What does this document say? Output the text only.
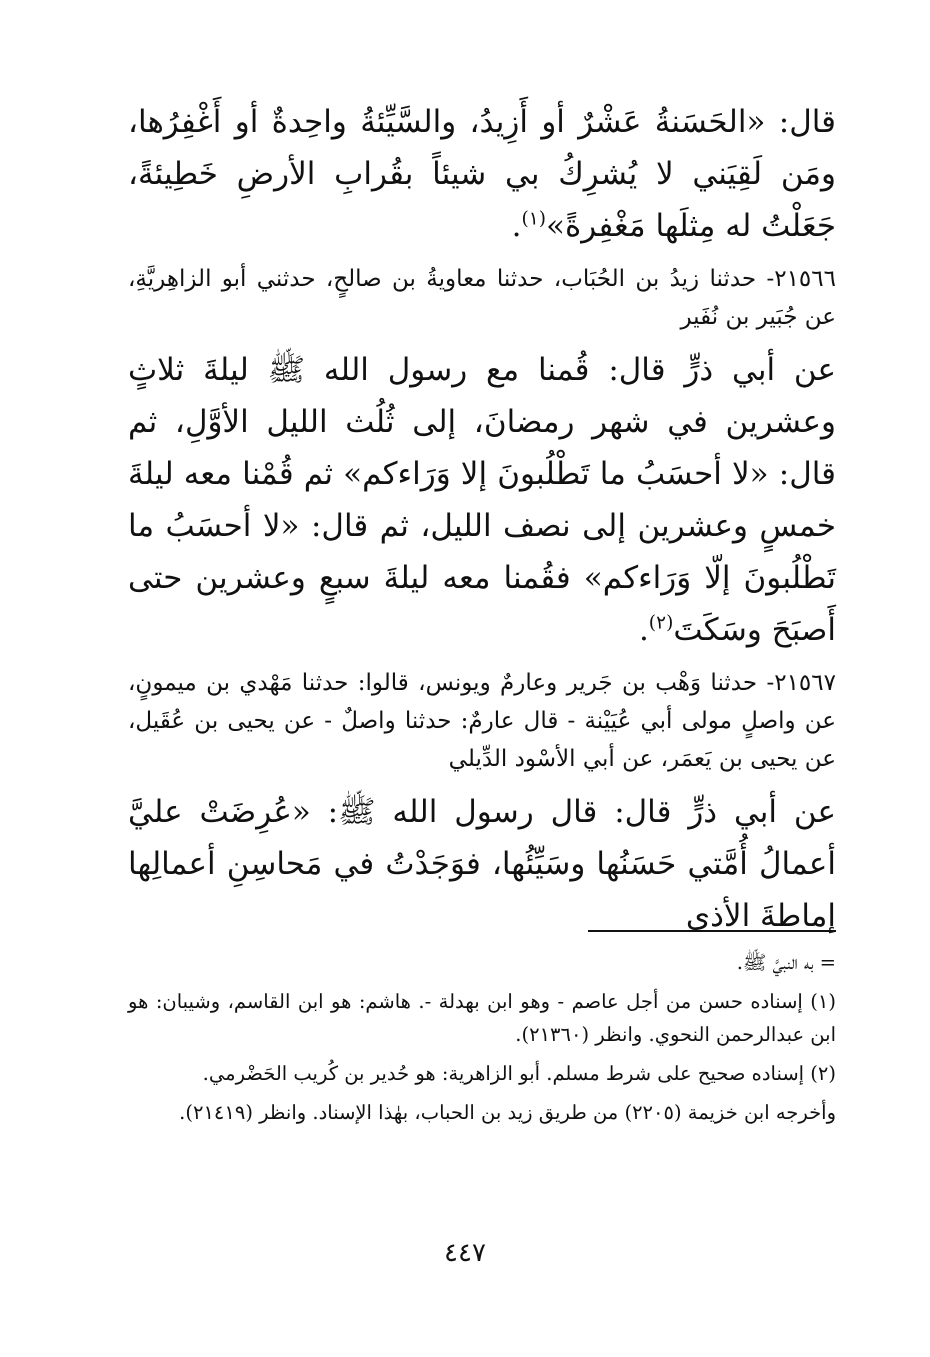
قال: «الحَسَنةُ عَشْرٌ أو أَزِيدُ، والسَّيِّئةُ واحِدةٌ أو أَغْفِرُها، ومَن لَقِيَني لا يُشرِكُ بي شيئاً بقُرابِ الأرضِ خَطِيئةً، جَعَلْتُ له مِثلَها مَغْفِرةً»$^{(١)}$.

٢١٥٦٦- حدثنا زيدُ بن الحُبَاب، حدثنا معاويةُ بن صالحٍ، حدثني أبو الزاهِريَّةِ، عن جُبَير بن نُفَير

عن أبي ذرٍّ قال: قُمنا مع رسول الله ﷺ ليلةَ ثلاثٍ وعشرين في شهر رمضانَ، إلى ثُلُث الليل الأوَّلِ، ثم قال: «لا أحسَبُ ما تَطْلُبونَ إلا وَرَاءكم» ثم قُمْنا معه ليلةَ خمسٍ وعشرين إلى نصف الليل، ثم قال: «لا أحسَبُ ما تَطْلُبونَ إلّا وَرَاءكم» فقُمنا معه ليلةَ سبعٍ وعشرين حتى أَصبَحَ وسَكَتَ$^{(٢)}$.

٢١٥٦٧- حدثنا وَهْب بن جَرير وعارمٌ ويونس، قالوا: حدثنا مَهْدي بن ميمونٍ، عن واصلٍ مولى أبي عُيَيْنة - قال عارمٌ: حدثنا واصلٌ - عن يحيى بن عُقَيل، عن يحيى بن يَعمَر، عن أبي الأسْود الدِّيلي

عن أبي ذرٍّ قال: قال رسول الله ﷺ: «عُرِضَتْ عليَّ أعمالُ أُمَّتي حَسَنُها وسَيِّئُها، فوَجَدْتُ في مَحاسِنِ أعمالِها إماطةَ الأذى

= به النبيَّ ﷺ.

(١) إسناده حسن من أجل عاصم - وهو ابن بهدلة -. هاشم: هو ابن القاسم، وشيبان: هو ابن عبدالرحمن النحوي. وانظر (٢١٣٦٠).

(٢) إسناده صحيح على شرط مسلم. أبو الزاهرية: هو حُدير بن كُريب الحَضْرمي.

وأخرجه ابن خزيمة (٢٢٠٥) من طريق زيد بن الحباب، بهٰذا الإسناد. وانظر (٢١٤١٩).

٤٤٧
